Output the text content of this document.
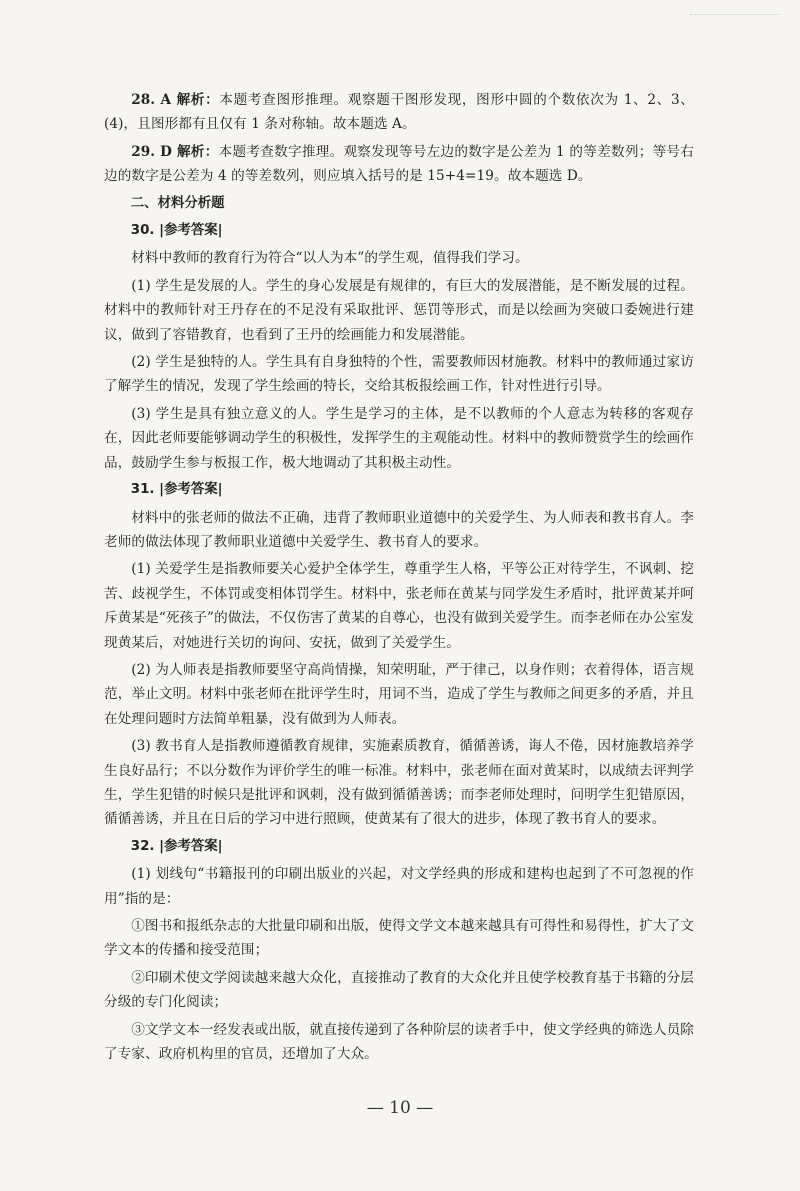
28. A 解析：本题考查图形推理。观察题干图形发现，图形中圆的个数依次为 1、2、3、(4)，且图形都有且仅有 1 条对称轴。故本题选 A。

29. D 解析：本题考查数字推理。观察发现等号左边的数字是公差为 1 的等差数列；等号右边的数字是公差为 4 的等差数列，则应填入括号的是 15+4=19。故本题选 D。

二、材料分析题

30. |参考答案|

材料中教师的教育行为符合“以人为本”的学生观，值得我们学习。

(1) 学生是发展的人。学生的身心发展是有规律的，有巨大的发展潜能，是不断发展的过程。材料中的教师针对王丹存在的不足没有采取批评、惩罚等形式，而是以绘画为突破口委婉进行建议，做到了容错教育，也看到了王丹的绘画能力和发展潜能。

(2) 学生是独特的人。学生具有自身独特的个性，需要教师因材施教。材料中的教师通过家访了解学生的情况，发现了学生绘画的特长，交给其板报绘画工作，针对性进行引导。

(3) 学生是具有独立意义的人。学生是学习的主体，是不以教师的个人意志为转移的客观存在，因此老师要能够调动学生的积极性，发挥学生的主观能动性。材料中的教师赞赏学生的绘画作品，鼓励学生参与板报工作，极大地调动了其积极主动性。

31. |参考答案|

材料中的张老师的做法不正确，违背了教师职业道德中的关爱学生、为人师表和教书育人。李老师的做法体现了教师职业道德中关爱学生、教书育人的要求。

(1) 关爱学生是指教师要关心爱护全体学生，尊重学生人格，平等公正对待学生，不讽刺、挖苦、歧视学生，不体罚或变相体罚学生。材料中，张老师在黄某与同学发生矛盾时，批评黄某并呵斥黄某是“死孩子”的做法，不仅伤害了黄某的自尊心，也没有做到关爱学生。而李老师在办公室发现黄某后，对她进行关切的询问、安抚，做到了关爱学生。

(2) 为人师表是指教师要坚守高尚情操，知荣明耻，严于律己，以身作则；衣着得体，语言规范，举止文明。材料中张老师在批评学生时，用词不当，造成了学生与教师之间更多的矛盾，并且在处理问题时方法简单粗暴，没有做到为人师表。

(3) 教书育人是指教师遵循教育规律，实施素质教育，循循善诱，诲人不倦，因材施教培养学生良好品行；不以分数作为评价学生的唯一标准。材料中，张老师在面对黄某时，以成绩去评判学生，学生犯错的时候只是批评和讽刺，没有做到循循善诱；而李老师处理时，问明学生犯错原因，循循善诱，并且在日后的学习中进行照顾，使黄某有了很大的进步，体现了教书育人的要求。

32. |参考答案|

(1) 划线句“书籍报刊的印刷出版业的兴起，对文学经典的形成和建构也起到了不可忽视的作用”指的是：

①图书和报纸杂志的大批量印刷和出版，使得文学文本越来越具有可得性和易得性，扩大了文学文本的传播和接受范围；

②印刷术使文学阅读越来越大众化，直接推动了教育的大众化并且使学校教育基于书籍的分层分级的专门化阅读；

③文学文本一经发表或出版，就直接传递到了各种阶层的读者手中，使文学经典的筛选人员除了专家、政府机构里的官员，还增加了大众。

— 10 —
